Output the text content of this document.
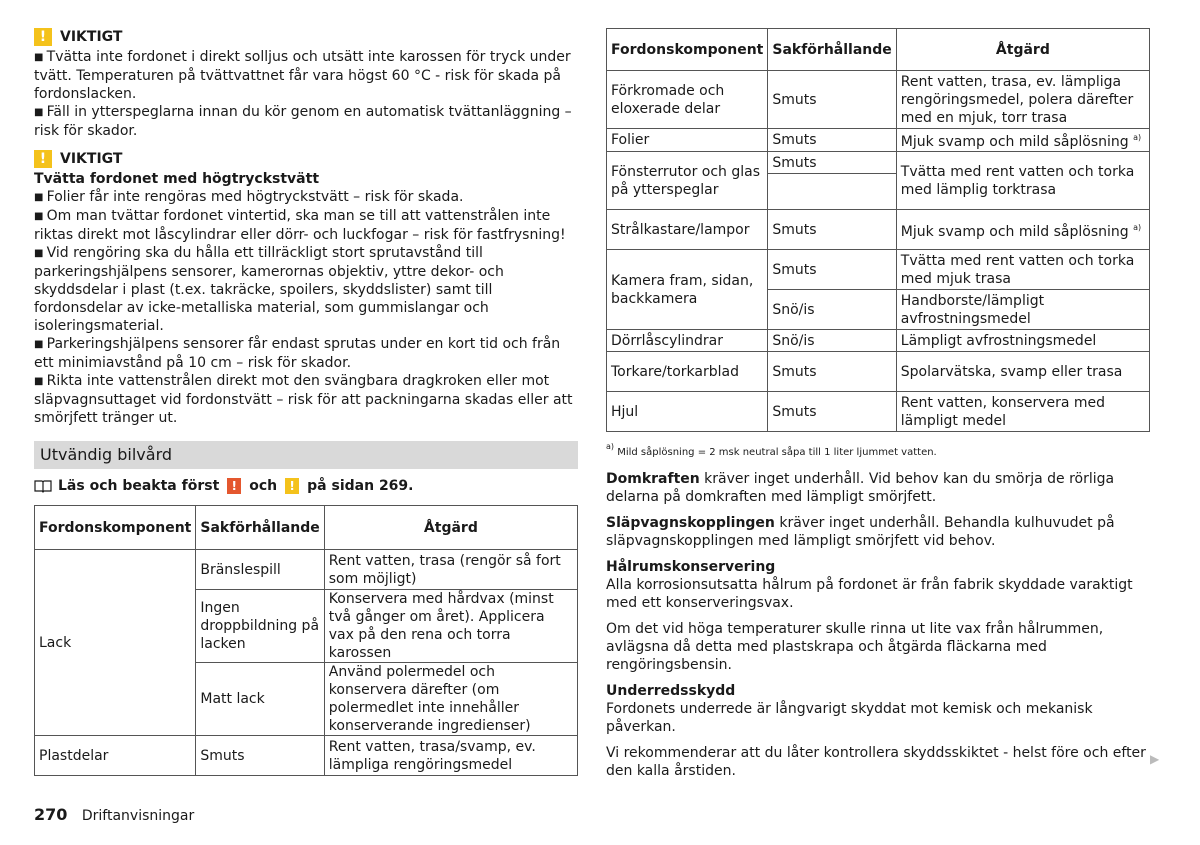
! VIKTIGT

■ Tvätta inte fordonet i direkt solljus och utsätt inte karossen för tryck under tvätt. Temperaturen på tvättvattnet får vara högst 60 °C - risk för skada på fordonslacken.

■ Fäll in ytterspeglarna innan du kör genom en automatisk tvättanläggning – risk för skador.

! VIKTIGT

Tvätta fordonet med högtryckstvätt

■ Folier får inte rengöras med högtryckstvätt – risk för skada.

■ Om man tvättar fordonet vintertid, ska man se till att vattenstrålen inte riktas direkt mot låscylindrar eller dörr- och luckfogar – risk för fastfrysning!

■ Vid rengöring ska du hålla ett tillräckligt stort sprutavstånd till parkeringshjälpens sensorer, kamerornas objektiv, yttre dekor- och skyddsdelar i plast (t.ex. takräcke, spoilers, skyddslister) samt till fordonsdelar av icke-metalliska material, som gummislangar och isoleringsmaterial.

■ Parkeringshjälpens sensorer får endast sprutas under en kort tid och från ett minimiavstånd på 10 cm – risk för skador.

■ Rikta inte vattenstrålen direkt mot den svängbara dragkroken eller mot släpvagnsuttaget vid fordonstvätt – risk för att packningarna skadas eller att smörjfett tränger ut.

Utvändig bilvård
Läs och beakta först	! och	! på sidan 269.
Fordonskomponent	Sakförhållande	Åtgärd
Lack	Bränslespill	Rent vatten, trasa (rengör så fort som möjligt)
	Ingen droppbildning på lacken	Konservera med hårdvax (minst två gånger om året). Applicera vax på den rena och torra karossen
	Matt lack	Använd polermedel och konservera därefter (om polermedlet inte innehåller konserverande ingredienser)
Plastdelar	Smuts	Rent vatten, trasa/svamp, ev. lämpliga rengöringsmedel
Fordonskomponent	Sakförhållande	Åtgärd
Förkromade och eloxerade delar	Smuts	Rent vatten, trasa, ev. lämpliga rengöringsmedel, polera därefter med en mjuk, torr trasa
Folier	Smuts	Mjuk svamp och mild såplösning $^{a)}$
Fönsterrutor och glas på ytterspeglar	Smuts	Tvätta med rent vatten och torka med lämplig torktrasa

Strålkastare/lampor	Smuts	Mjuk svamp och mild såplösning $^{a)}$
Kamera fram, sidan, backkamera	Smuts	Tvätta med rent vatten och torka med mjuk trasa
	Snö/is	Handborste/lämpligt avfrostningsmedel
Dörrlåscylindrar	Snö/is	Lämpligt avfrostningsmedel
Torkare/torkarblad	Smuts	Spolarvätska, svamp eller trasa
Hjul	Smuts	Rent vatten, konservera med lämpligt medel

$^{a)}$ Mild såplösning = 2 msk neutral såpa till 1 liter ljummet vatten.

Domkraften kräver inget underhåll. Vid behov kan du smörja de rörliga delarna på domkraften med lämpligt smörjfett.

Släpvagnskopplingen kräver inget underhåll. Behandla kulhuvudet på släpvagnskopplingen med lämpligt smörjfett vid behov.

Hålrumskonservering

Alla korrosionsutsatta hålrum på fordonet är från fabrik skyddade varaktigt med ett konserveringsvax.

Om det vid höga temperaturer skulle rinna ut lite vax från hålrummen, avlägsna då detta med plastskrapa och åtgärda fläckarna med rengöringsbensin.

Underredsskydd

Fordonets underrede är långvarigt skyddat mot kemisk och mekanisk påverkan.

Vi rekommenderar att du låter kontrollera skyddsskiktet - helst före och efter den kalla årstiden.

▶
270 Driftanvisningar
